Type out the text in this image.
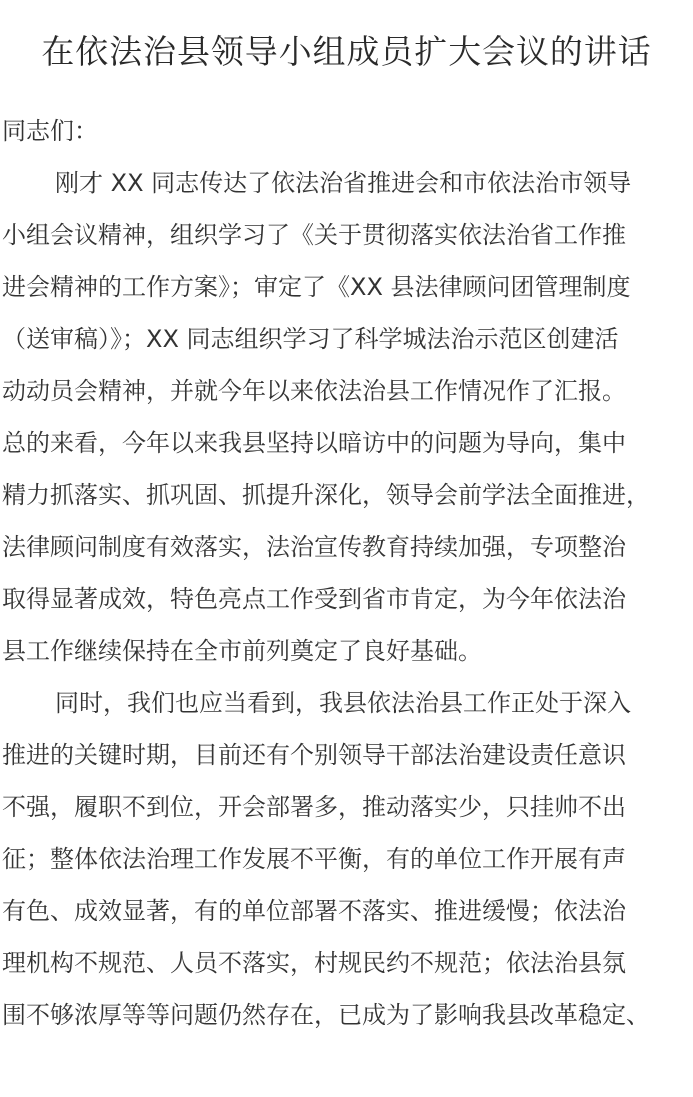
在依法治县领导小组成员扩大会议的讲话
同志们：
刚才 XX 同志传达了依法治省推进会和市依法治市领导
小组会议精神，组织学习了《关于贯彻落实依法治省工作推
进会精神的工作方案》；审定了《XX 县法律顾问团管理制度
（送审稿）》；XX 同志组织学习了科学城法治示范区创建活
动动员会精神，并就今年以来依法治县工作情况作了汇报。
总的来看，今年以来我县坚持以暗访中的问题为导向，集中
精力抓落实、抓巩固、抓提升深化，领导会前学法全面推进，
法律顾问制度有效落实，法治宣传教育持续加强，专项整治
取得显著成效，特色亮点工作受到省市肯定，为今年依法治
县工作继续保持在全市前列奠定了良好基础。
同时，我们也应当看到，我县依法治县工作正处于深入
推进的关键时期，目前还有个别领导干部法治建设责任意识
不强，履职不到位，开会部署多，推动落实少，只挂帅不出
征；整体依法治理工作发展不平衡，有的单位工作开展有声
有色、成效显著，有的单位部署不落实、推进缓慢；依法治
理机构不规范、人员不落实，村规民约不规范；依法治县氛
围不够浓厚等等问题仍然存在，已成为了影响我县改革稳定、
